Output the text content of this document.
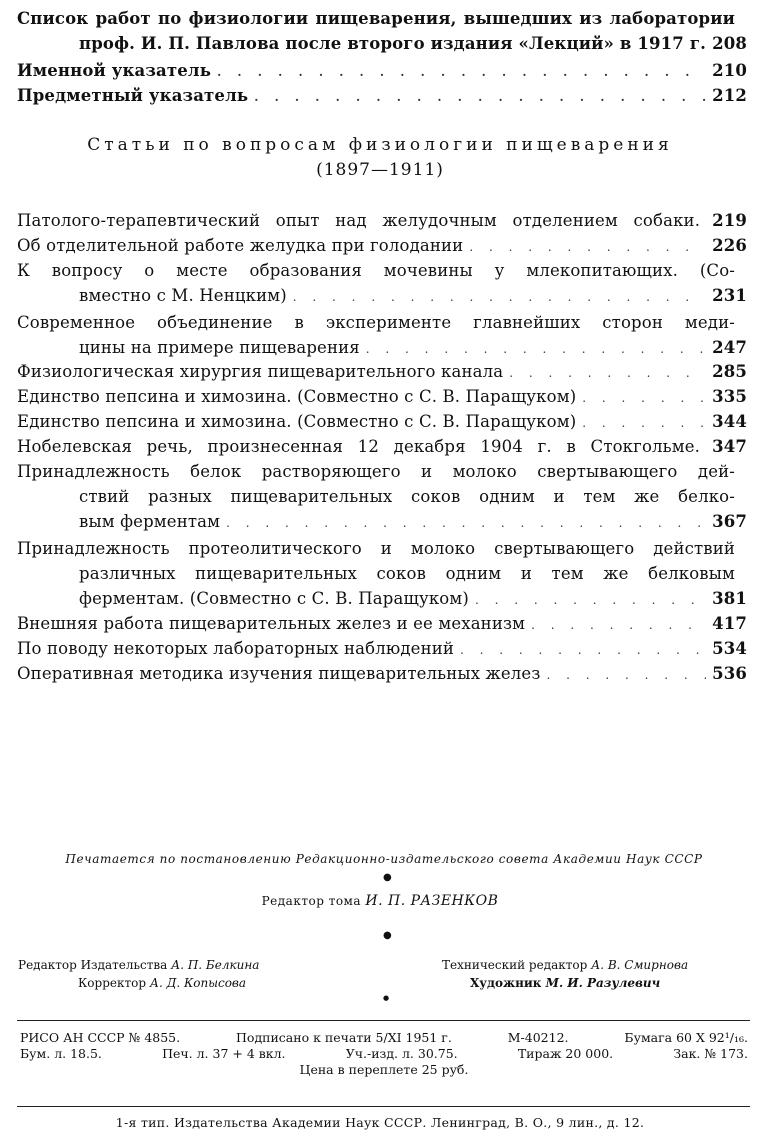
Список работ по физиологии пищеварения, вышедших из лаборатории
проф. И. П. Павлова после второго издания «Лекций» в 1917 г. 208
Именной указатель . . .	210
Предметный указатель . . .	212
Статьи по вопросам физиологии пищеварения
(1897—1911)
Патолого-терапевтический опыт над желудочным отделением собаки. 219
Об отделительной работе желудка при голодании . . .	226
К вопросу о месте образования мочевины у млекопитающих. (Со-
вместно с М. Ненцким) . . .	231
Современное объединение в эксперименте главнейших сторон меди-
цины на примере пищеварения . . .	247
Физиологическая хирургия пищеварительного канала . . .	285
Единство пепсина и химозина. (Совместно с С. В. Паращуком) . . .	335
Единство пепсина и химозина. (Совместно с С. В. Паращуком) . . .	344
Нобелевская речь, произнесенная 12 декабря 1904 г. в Стокгольме. 347
Принадлежность белок растворяющего и молоко свертывающего дей-
ствий разных пищеварительных соков одним и тем же белко-
вым ферментам . . .	367
Принадлежность протеолитического и молоко свертывающего действий
различных пищеварительных соков одним и тем же белковым
ферментам. (Совместно с С. В. Паращуком) . . .	381
Внешняя работа пищеварительных желез и ее механизм . . .	417
По поводу некоторых лабораторных наблюдений . . .	534
Оперативная методика изучения пищеварительных желез . . .	536
Печатается по постановлению Редакционно-издательского совета Академии Наук СССР
●
Редактор тома И. П. РАЗЕНКОВ
●
Редактор Издательства А. П. Белкина	Технический редактор А. В. Смирнова
Корректор А. Д. Копысова	Художник М. И. Разулевич
●
РИСО АН СССР № 4855.	Подписано к печати 5/XI 1951 г.	М-40212.	Бумага 60 X 92¹/₁₆.
Бум. л. 18.5.	Печ. л. 37 + 4 вкл.	Уч.-изд. л. 30.75.	Тираж 20 000.	Зак. № 173.
Цена в переплете 25 руб.
1-я тип. Издательства Академии Наук СССР. Ленинград, В. О., 9 лин., д. 12.
